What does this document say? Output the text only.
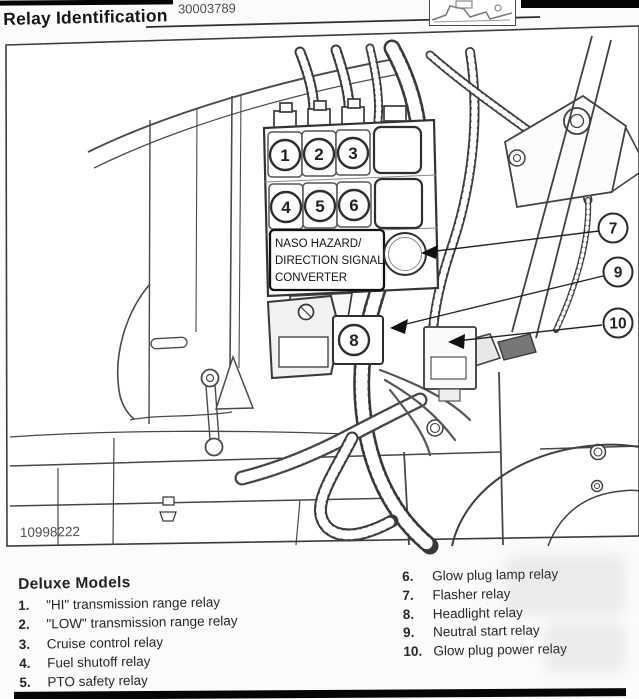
1 2 3
4 5 6
NASO HAZARD/
DIRECTION SIGNAL
CONVERTER
8
7
9
10
10998222
Relay Identification 30003789
Deluxe Models
1.	"HI" transmission range relay
2.	"LOW" transmission range relay
3.	Cruise control relay
4.	Fuel shutoff relay
5.	PTO safety relay
6.	Glow plug lamp relay
7.	Flasher relay
8.	Headlight relay
9.	Neutral start relay
10. Glow plug power relay
